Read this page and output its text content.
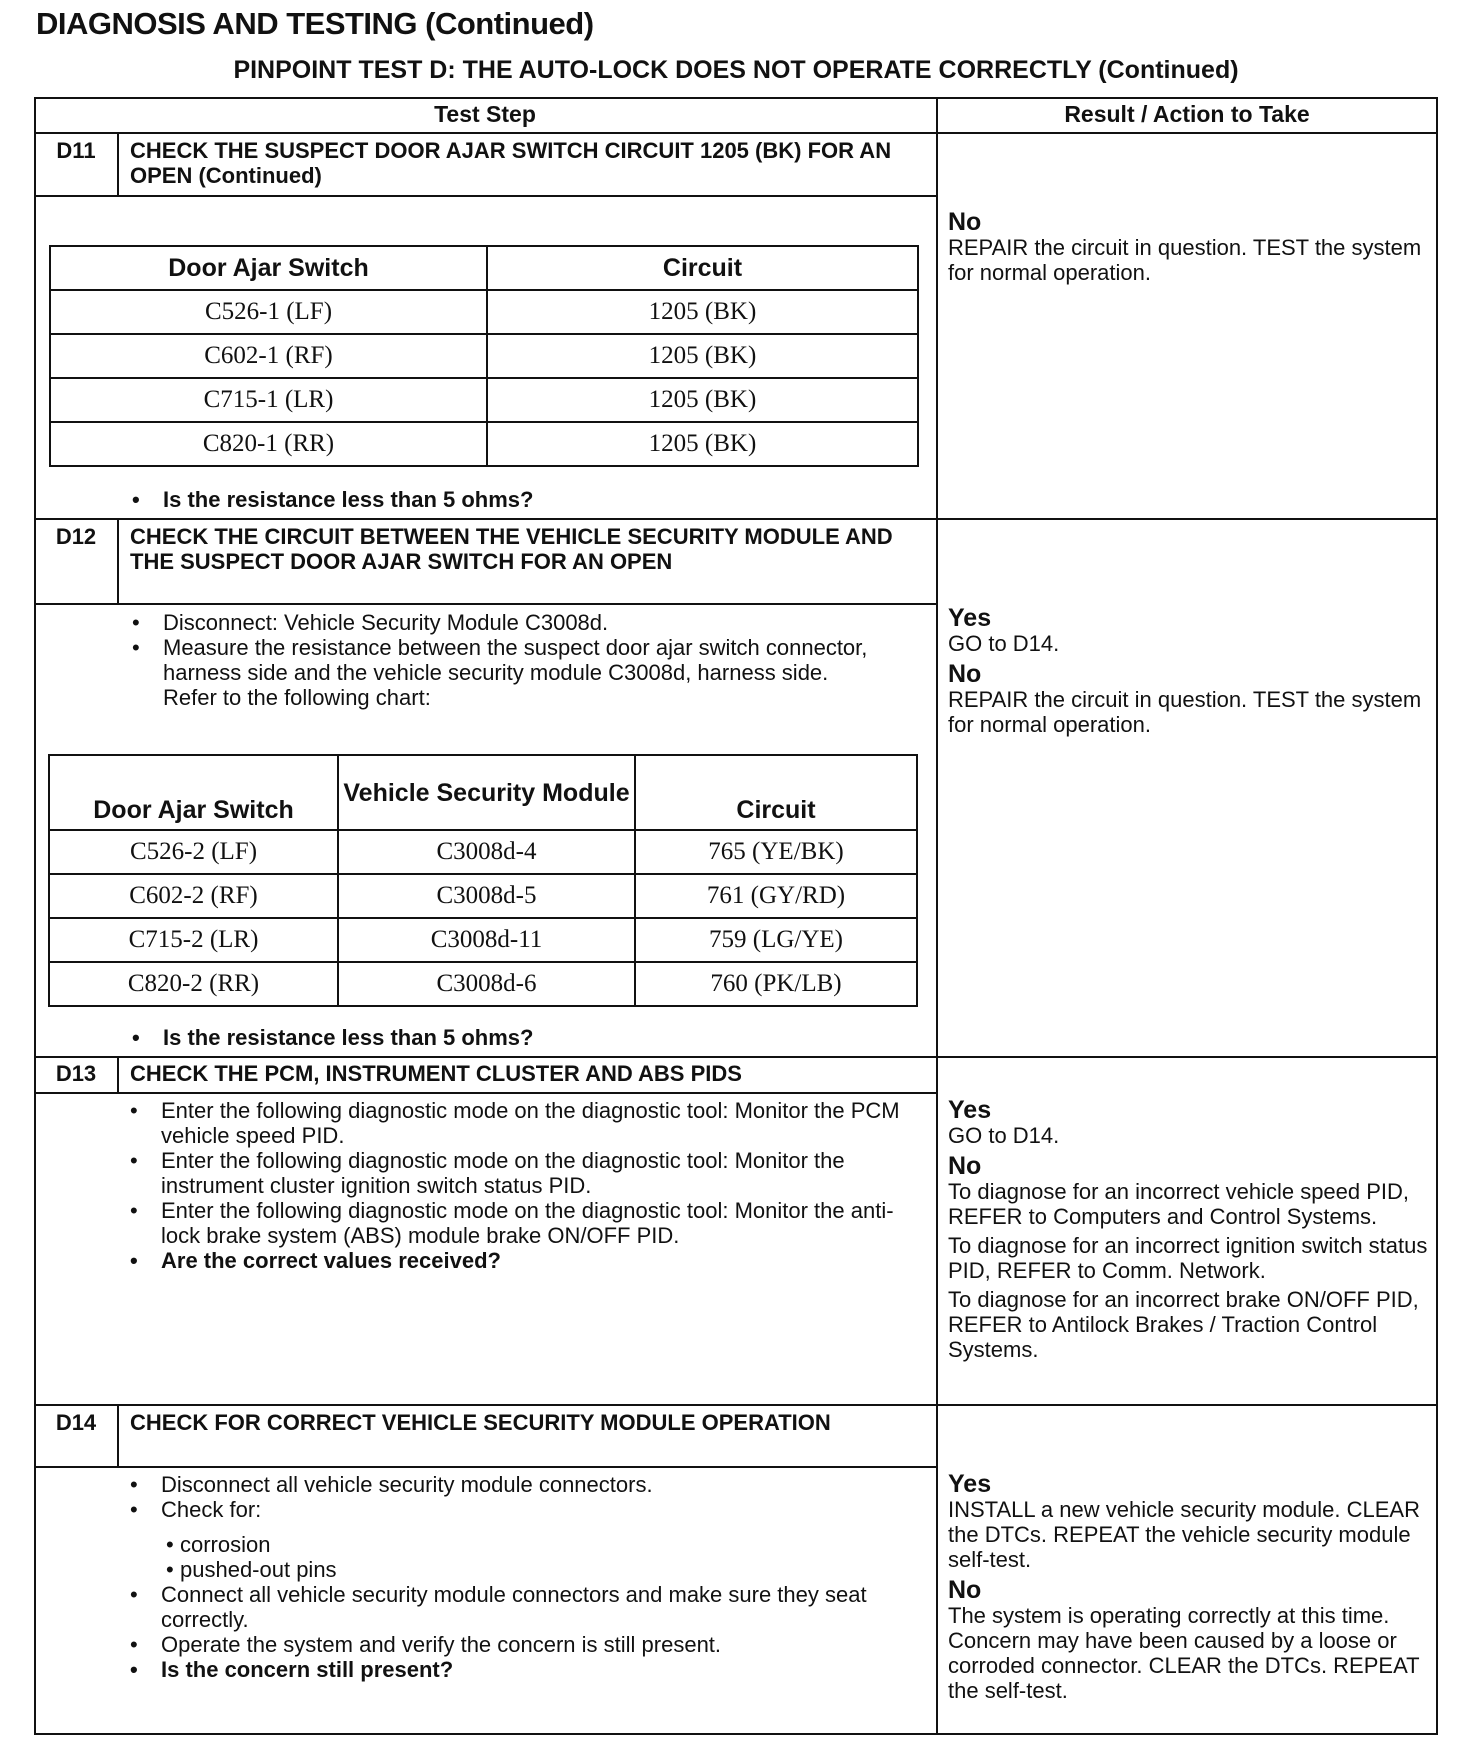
DIAGNOSIS AND TESTING (Continued)
PINPOINT TEST D: THE AUTO-LOCK DOES NOT OPERATE CORRECTLY (Continued)
Test Step	Result / Action to Take
D11	CHECK THE SUSPECT DOOR AJAR SWITCH CIRCUIT 1205 (BK) FOR AN OPEN (Continued)
Door Ajar Switch	Circuit
C526-1 (LF)	1205 (BK)
C602-1 (RF)	1205 (BK)
C715-1 (LR)	1205 (BK)
C820-1 (RR)	1205 (BK)
• Is the resistance less than 5 ohms?
No
REPAIR the circuit in question. TEST the system for normal operation.
D12	CHECK THE CIRCUIT BETWEEN THE VEHICLE SECURITY MODULE AND THE SUSPECT DOOR AJAR SWITCH FOR AN OPEN
• Disconnect: Vehicle Security Module C3008d.
• Measure the resistance between the suspect door ajar switch connector, harness side and the vehicle security module C3008d, harness side. Refer to the following chart:
Door Ajar Switch	Vehicle Security Module	Circuit
C526-2 (LF)	C3008d-4	765 (YE/BK)
C602-2 (RF)	C3008d-5	761 (GY/RD)
C715-2 (LR)	C3008d-11	759 (LG/YE)
C820-2 (RR)	C3008d-6	760 (PK/LB)
• Is the resistance less than 5 ohms?
Yes
GO to D14.
No
REPAIR the circuit in question. TEST the system for normal operation.
D13	CHECK THE PCM, INSTRUMENT CLUSTER AND ABS PIDS
• Enter the following diagnostic mode on the diagnostic tool: Monitor the PCM vehicle speed PID.
• Enter the following diagnostic mode on the diagnostic tool: Monitor the instrument cluster ignition switch status PID.
• Enter the following diagnostic mode on the diagnostic tool: Monitor the anti-lock brake system (ABS) module brake ON/OFF PID.
• Are the correct values received?
Yes
GO to D14.
No
To diagnose for an incorrect vehicle speed PID, REFER to Computers and Control Systems.
To diagnose for an incorrect ignition switch status PID, REFER to Comm. Network.
To diagnose for an incorrect brake ON/OFF PID, REFER to Antilock Brakes / Traction Control Systems.
D14	CHECK FOR CORRECT VEHICLE SECURITY MODULE OPERATION
• Disconnect all vehicle security module connectors.
• Check for:
• corrosion
• pushed-out pins
• Connect all vehicle security module connectors and make sure they seat correctly.
• Operate the system and verify the concern is still present.
• Is the concern still present?
Yes
INSTALL a new vehicle security module. CLEAR the DTCs. REPEAT the vehicle security module self-test.
No
The system is operating correctly at this time. Concern may have been caused by a loose or corroded connector. CLEAR the DTCs. REPEAT the self-test.
